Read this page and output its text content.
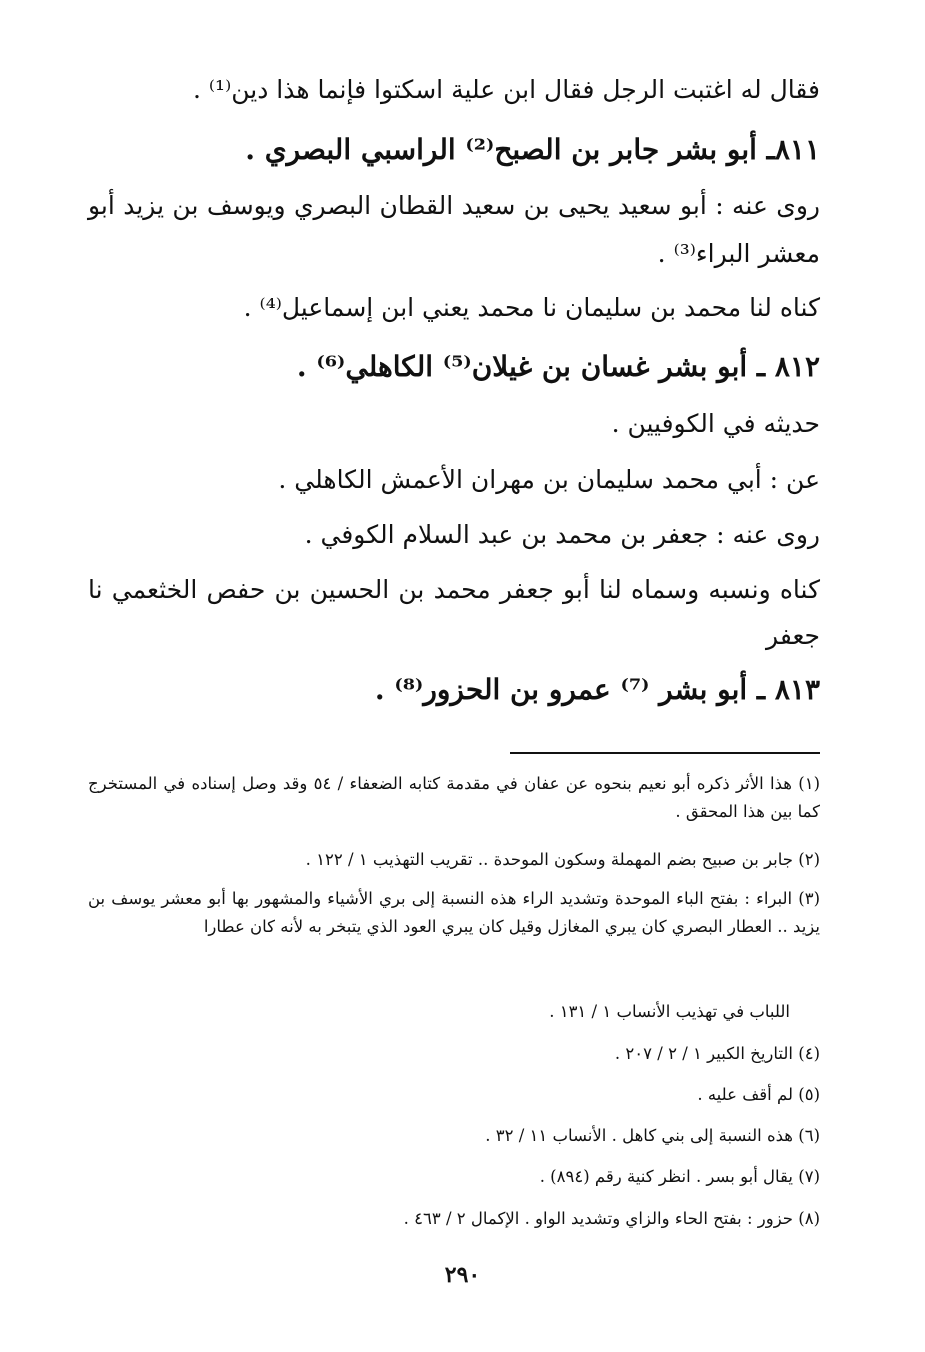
فقال له اغتبت الرجل فقال ابن علية اسكتوا فإنما هذا دين⁽¹⁾ .
٨١١ـ أبو بشر جابر بن الصبح⁽²⁾ الراسبي البصري .
روى عنه : أبو سعيد يحيى بن سعيد القطان البصري ويوسف بن يزيد أبو
معشر البراء⁽³⁾ .
كناه لنا محمد بن سليمان نا محمد يعني ابن إسماعيل⁽⁴⁾ .
٨١٢ ـ أبو بشر غسان بن غيلان⁽⁵⁾ الكاهلي⁽⁶⁾ .
حديثه في الكوفيين .
عن : أبي محمد سليمان بن مهران الأعمش الكاهلي .
روى عنه : جعفر بن محمد بن عبد السلام الكوفي .
كناه ونسبه وسماه لنا أبو جعفر محمد بن الحسين بن حفص الخثعمي نا
جعفر
٨١٣ ـ أبو بشر ⁽⁷⁾ عمرو بن الحزور⁽⁸⁾ .
(١) هذا الأثر ذكره أبو نعيم بنحوه عن عفان في مقدمة كتابه الضعفاء / ٥٤ وقد وصل إسناده في المستخرج كما بين هذا المحقق .
(٢) جابر بن صبيح بضم المهملة وسكون الموحدة .. تقريب التهذيب ١ / ١٢٢ .
(٣) البراء : بفتح الباء الموحدة وتشديد الراء هذه النسبة إلى بري الأشياء والمشهور بها أبو معشر يوسف بن يزيد .. العطار البصري كان يبري المغازل وقيل كان يبري العود الذي يتبخر به لأنه كان عطارا
اللباب في تهذيب الأنساب ١ / ١٣١ .
(٤) التاريخ الكبير ١ / ٢ / ٢٠٧ .
(٥) لم أقف عليه .
(٦) هذه النسبة إلى بني كاهل . الأنساب ١١ / ٣٢ .
(٧) يقال أبو بسر . انظر كنية رقم (٨٩٤) .
(٨) حزور : بفتح الحاء والزاي وتشديد الواو . الإكمال ٢ / ٤٦٣ .
٢٩٠
